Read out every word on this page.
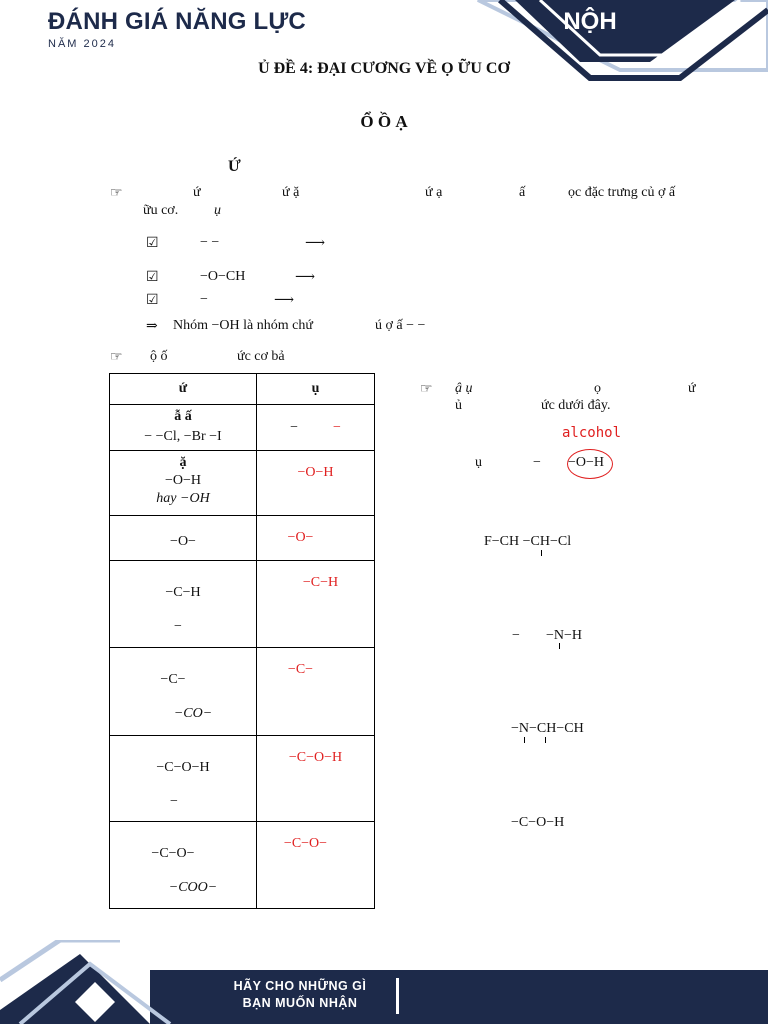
ĐÁNH GIÁ NĂNG LỰC
NĂM 2024
NỘH
Ủ ĐỀ 4: ĐẠI CƯƠNG VỀ Ọ ỮU CƠ
Ổ Ồ Ạ
Ứ
☞	ứ	ứ ặ	ứ ạ	ấ	ọc đặc trưng củ ợ ấ
ữu cơ.	ụ
☑	− −	⟶
☑	−O−CH	⟶
☑	−	⟶
⇒ Nhóm −OH là nhóm chứ	ú ợ ấ − −
☞ ộ ố	ức cơ bả
ứ	ụ

ẫ ấ
− −Cl, −Br −I	− −

ặ
−O−H
hay −OH	−O−H

−O−	−O−

−C−H
−	−C−H

−C−
−CO−	−C−

−C−O−H
−	−C−O−H

−C−O−
−COO−	−C−O−
☞ ậ ụ	ọ	ứ
ủ	ức dưới đây.
alcohol
ụ	− −O−H
F−CH −CH−Cl
− −N−H
−N−CH−CH
−C−O−H
HÃY CHO NHỮNG GÌ
BẠN MUỐN NHẬN
